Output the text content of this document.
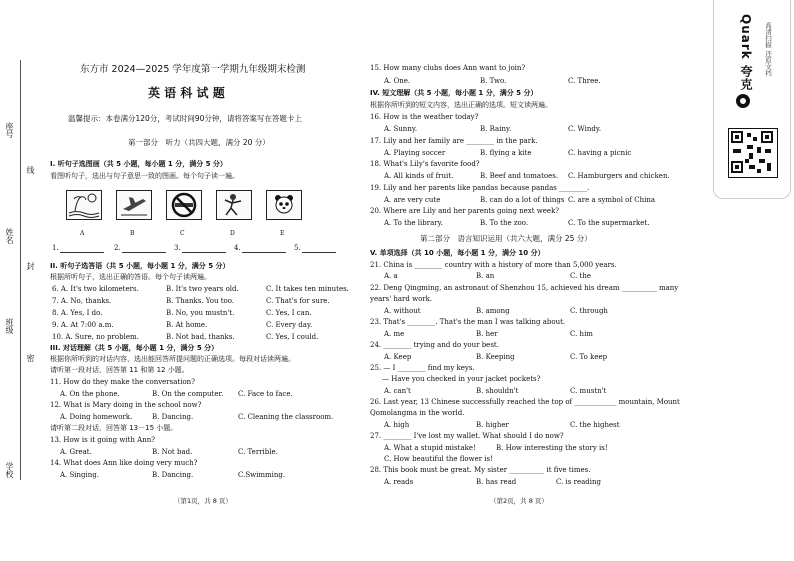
座号
姓名
班级
学校
线
封
密
东方市 2024—2025 学年度第一学期九年级期末检测
英 语 科 试 题
温馨提示：本卷满分120分，考试时间90分钟，请将答案写在答题卡上
第一部分　听力（共四大题，满分 20 分）
I. 听句子选图画（共 5 小题，每小题 1 分，满分 5 分）
看图听句子，选出与句子意思一致的图画。每个句子读一遍。
A	B	C	D	E
1.	2.	3.	4.	5.
II. 听句子选答语（共 5 小题，每小题 1 分，满分 5 分）
根据所听句子，选出正确的答语。每个句子读两遍。
6. A. It's two kilometers.	B. It's two years old.	C. It takes ten minutes.
7. A. No, thanks.	B. Thanks. You too.	C. That's for sure.
8. A. Yes, I do.	B. No, you mustn't.	C. Yes, I can.
9. A. At 7:00 a.m.	B. At home.	C. Every day.
10. A. Sure, no problem.	B. Not bad, thanks.	C. Yes, I could.
III. 对话理解（共 5 小题，每小题 1 分，满分 5 分）
根据你所听到的对话内容，选出能回答所提问题的正确选项。每段对话读两遍。
请听第一段对话，回答第 11 和第 12 小题。
11. How do they make the conversation?
A. On the phone.	B. On the computer. C. Face to face.
12. What is Mary doing in the school now?
A. Doing homework.	B. Dancing.	C. Cleaning the classroom.
请听第二段对话，回答第 13－15 小题。
13. How is it going with Ann?
A. Great.	B. Not bad.	C. Terrible.
14. What does Ann like doing very much?
A. Singing.	B. Dancing.	C.Swimming.
（第1页，共 8 页）
15. How many clubs does Ann want to join?
A. One.	B. Two.	C. Three.
IV. 短文理解（共 5 小题，每小题 1 分，满分 5 分）
根据你所听到的短文内容，选出正确的选项。短文读两遍。
16. How is the weather today?
A. Sunny.	B. Rainy.	C. Windy.
17. Lily and her family are ________ in the park.
A. Playing soccer	B. flying a kite	C. having a picnic
18. What's Lily's favorite food?
A. All kinds of fruit.	B. Beef and tomatoes. C. Hamburgers and chicken.
19. Lily and her parents like pandas because pandas ________.
A. are very cute	B. can do a lot of things C. are a symbol of China
20. Where are Lily and her parents going next week?
A. To the library.	B. To the zoo.	C. To the supermarket.
第二部分　语言知识运用（共六大题，满分 25 分）
V. 单项选择（共 10 小题，每小题 1 分，满分 10 分）
21. China is ________ country with a history of more than 5,000 years.
A. a	B. an	C. the
22. Deng Qingming, an astronaut of Shenzhou 15, achieved his dream __________ many
years' hard work.
A. without	B. among	C. through
23. That's ________. That's the man I was talking about.
A. me	B. her	C. him
24. ________ trying and do your best.
A. Keep	B. Keeping	C. To keep
25. — I ________ find my keys.
— Have you checked in your jacket pockets?
A. can't	B. shouldn't	C. mustn't
26. Last year, 13 Chinese successfully reached the top of ____________ mountain, Mount
Qomolangma in the world.
A. high	B. higher	C. the highest
27. ________ I've lost my wallet. What should I do now?
A. What a stupid mistake!	B. How interesting the story is!
C. How beautiful the flower is!
28. This book must be great. My sister __________ it five times.
A. reads	B. has read	C. is reading
（第2页，共 8 页）
Quark 夸克	高清扫描 还原文档
